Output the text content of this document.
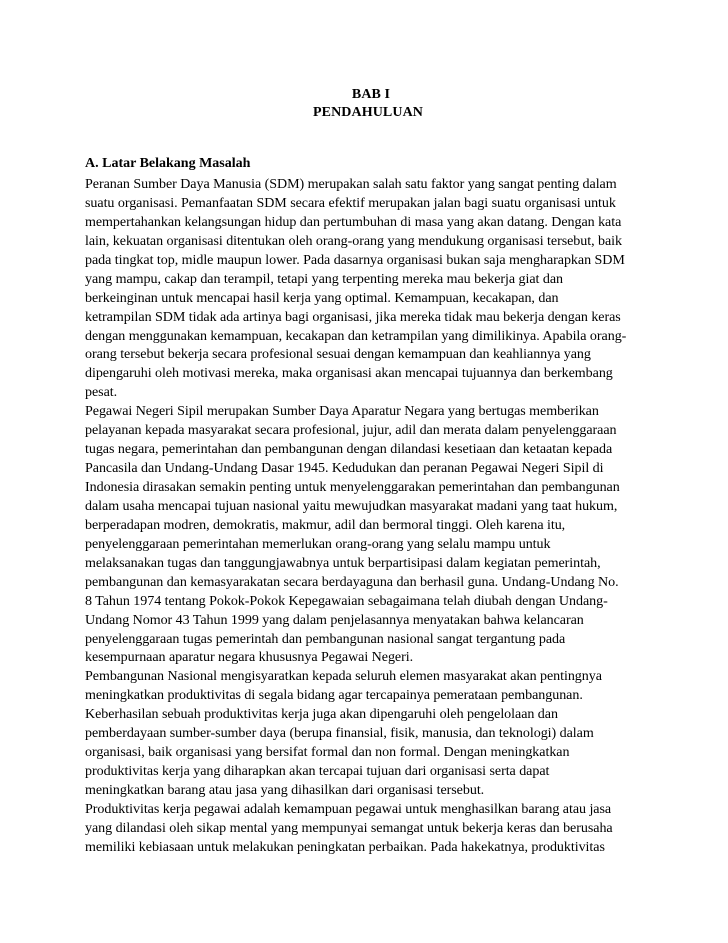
BAB I
PENDAHULUAN
A. Latar Belakang Masalah
Peranan Sumber Daya Manusia (SDM) merupakan salah satu faktor yang sangat penting dalam
suatu organisasi. Pemanfaatan SDM secara efektif merupakan jalan bagi suatu organisasi untuk
mempertahankan kelangsungan hidup dan pertumbuhan di masa yang akan datang. Dengan kata
lain, kekuatan organisasi ditentukan oleh orang-orang yang mendukung organisasi tersebut, baik
pada tingkat top, midle maupun lower. Pada dasarnya organisasi bukan saja mengharapkan SDM
yang mampu, cakap dan terampil, tetapi yang terpenting mereka mau bekerja giat dan
berkeinginan untuk mencapai hasil kerja yang optimal. Kemampuan, kecakapan, dan
ketrampilan SDM tidak ada artinya bagi organisasi, jika mereka tidak mau bekerja dengan keras
dengan menggunakan kemampuan, kecakapan dan ketrampilan yang dimilikinya. Apabila orang-
orang tersebut bekerja secara profesional sesuai dengan kemampuan dan keahliannya yang
dipengaruhi oleh motivasi mereka, maka organisasi akan mencapai tujuannya dan berkembang
pesat.
Pegawai Negeri Sipil merupakan Sumber Daya Aparatur Negara yang bertugas memberikan
pelayanan kepada masyarakat secara profesional, jujur, adil dan merata dalam penyelenggaraan
tugas negara, pemerintahan dan pembangunan dengan dilandasi kesetiaan dan ketaatan kepada
Pancasila dan Undang-Undang Dasar 1945. Kedudukan dan peranan Pegawai Negeri Sipil di
Indonesia dirasakan semakin penting untuk menyelenggarakan pemerintahan dan pembangunan
dalam usaha mencapai tujuan nasional yaitu mewujudkan masyarakat madani yang taat hukum,
berperadapan modren, demokratis, makmur, adil dan bermoral tinggi. Oleh karena itu,
penyelenggaraan pemerintahan memerlukan orang-orang yang selalu mampu untuk
melaksanakan tugas dan tanggungjawabnya untuk berpartisipasi dalam kegiatan pemerintah,
pembangunan dan kemasyarakatan secara berdayaguna dan berhasil guna. Undang-Undang No.
8 Tahun 1974 tentang Pokok-Pokok Kepegawaian sebagaimana telah diubah dengan Undang-
Undang Nomor 43 Tahun 1999 yang dalam penjelasannya menyatakan bahwa kelancaran
penyelenggaraan tugas pemerintah dan pembangunan nasional sangat tergantung pada
kesempurnaan aparatur negara khususnya Pegawai Negeri.
Pembangunan Nasional mengisyaratkan kepada seluruh elemen masyarakat akan pentingnya
meningkatkan produktivitas di segala bidang agar tercapainya pemerataan pembangunan.
Keberhasilan sebuah produktivitas kerja juga akan dipengaruhi oleh pengelolaan dan
pemberdayaan sumber-sumber daya (berupa finansial, fisik, manusia, dan teknologi) dalam
organisasi, baik organisasi yang bersifat formal dan non formal. Dengan meningkatkan
produktivitas kerja yang diharapkan akan tercapai tujuan dari organisasi serta dapat
meningkatkan barang atau jasa yang dihasilkan dari organisasi tersebut.
Produktivitas kerja pegawai adalah kemampuan pegawai untuk menghasilkan barang atau jasa
yang dilandasi oleh sikap mental yang mempunyai semangat untuk bekerja keras dan berusaha
memiliki kebiasaan untuk melakukan peningkatan perbaikan. Pada hakekatnya, produktivitas
